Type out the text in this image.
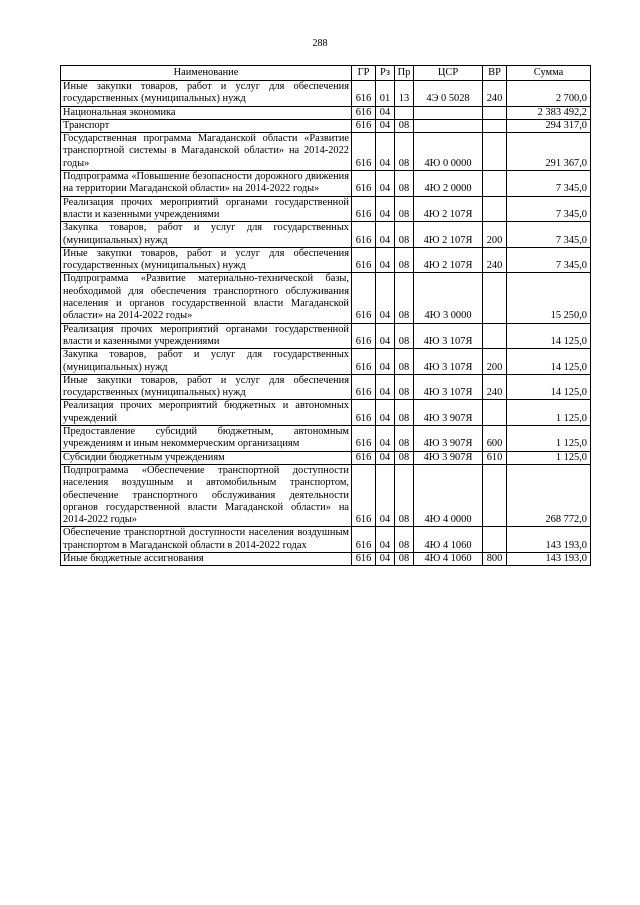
288
Наименование	ГР	Рз	Пр	ЦСР	ВР	Сумма
Иные закупки товаров, работ и услуг для обеспечения государственных (муниципальных) нужд	616	01	13	4Э 0 5028	240	2 700,0
Национальная экономика	616	04				2 383 492,2
Транспорт	616	04	08			294 317,0
Государственная программа Магаданской области «Развитие транспортной системы в Магаданской области» на 2014-2022 годы»	616	04	08	4Ю 0 0000		291 367,0
Подпрограмма «Повышение безопасности дорожного движения на территории Магаданской области» на 2014-2022 годы»	616	04	08	4Ю 2 0000		7 345,0
Реализация прочих мероприятий органами государственной власти и казенными учреждениями	616	04	08	4Ю 2 107Я		7 345,0
Закупка товаров, работ и услуг для государственных (муниципальных) нужд	616	04	08	4Ю 2 107Я	200	7 345,0
Иные закупки товаров, работ и услуг для обеспечения государственных (муниципальных) нужд	616	04	08	4Ю 2 107Я	240	7 345,0
Подпрограмма «Развитие материально-технической базы, необходимой для обеспечения транспортного обслуживания населения и органов государственной власти Магаданской области» на 2014-2022 годы»	616	04	08	4Ю 3 0000		15 250,0
Реализация прочих мероприятий органами государственной власти и казенными учреждениями	616	04	08	4Ю 3 107Я		14 125,0
Закупка товаров, работ и услуг для государственных (муниципальных) нужд	616	04	08	4Ю 3 107Я	200	14 125,0
Иные закупки товаров, работ и услуг для обеспечения государственных (муниципальных) нужд	616	04	08	4Ю 3 107Я	240	14 125,0
Реализация прочих мероприятий бюджетных и автономных учреждений	616	04	08	4Ю 3 907Я		1 125,0
Предоставление субсидий бюджетным, автономным учреждениям и иным некоммерческим организациям	616	04	08	4Ю 3 907Я	600	1 125,0
Субсидии бюджетным учреждениям	616	04	08	4Ю 3 907Я	610	1 125,0
Подпрограмма «Обеспечение транспортной доступности населения воздушным и автомобильным транспортом, обеспечение транспортного обслуживания деятельности органов государственной власти Магаданской области» на 2014-2022 годы»	616	04	08	4Ю 4 0000		268 772,0
Обеспечение транспортной доступности населения воздушным транспортом в Магаданской области в 2014-2022 годах	616	04	08	4Ю 4 1060		143 193,0
Иные бюджетные ассигнования	616	04	08	4Ю 4 1060	800	143 193,0
